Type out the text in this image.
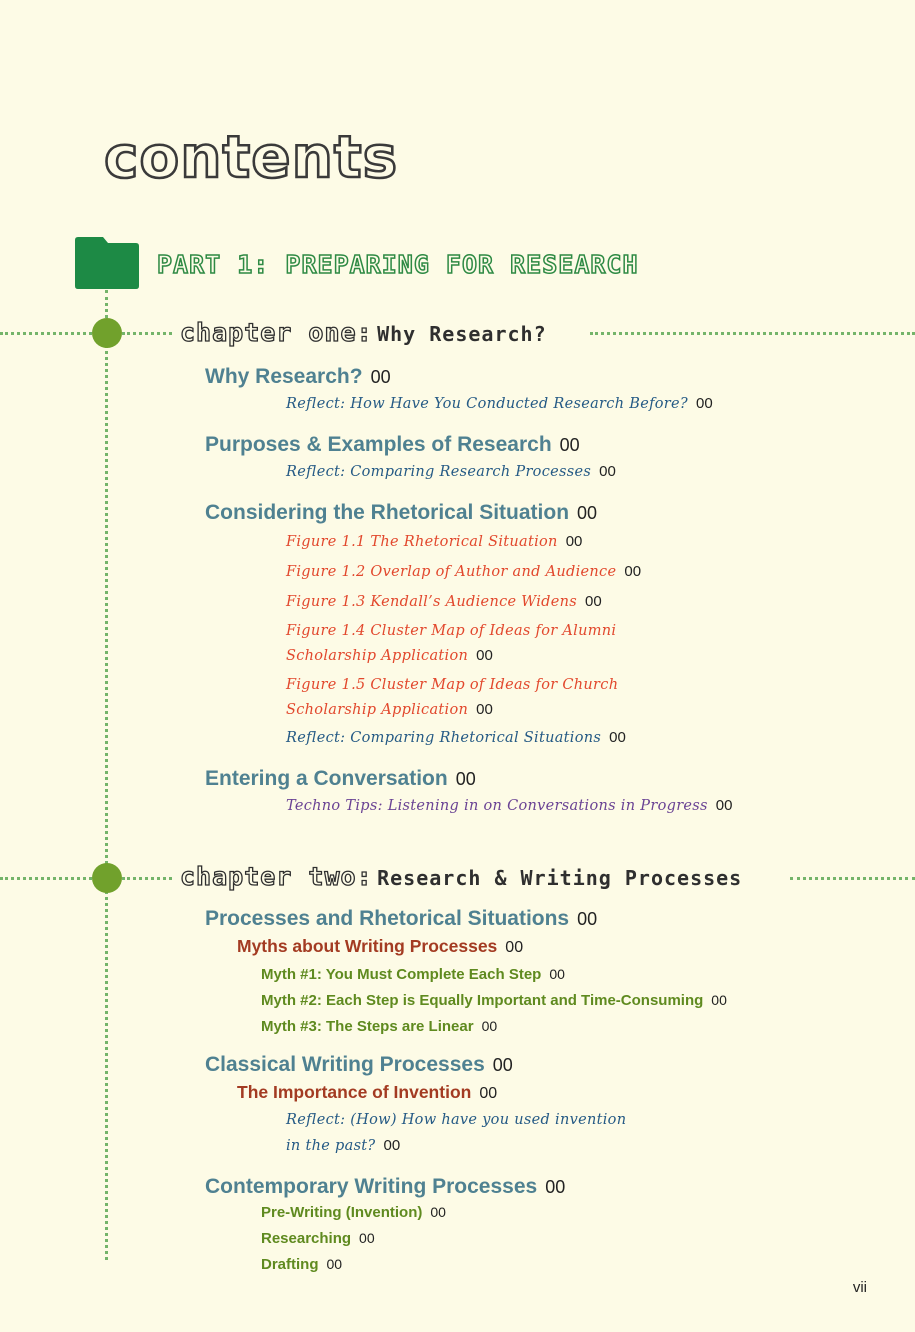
contents
PART 1: PREPARING FOR RESEARCH
chapter one: Why Research?
Why Research? 00
Reflect: How Have You Conducted Research Before? 00
Purposes & Examples of Research 00
Reflect: Comparing Research Processes 00
Considering the Rhetorical Situation 00
Figure 1.1 The Rhetorical Situation 00
Figure 1.2 Overlap of Author and Audience 00
Figure 1.3 Kendall’s Audience Widens 00
Figure 1.4 Cluster Map of Ideas for Alumni
Scholarship Application 00
Figure 1.5 Cluster Map of Ideas for Church
Scholarship Application 00
Reflect: Comparing Rhetorical Situations 00
Entering a Conversation 00
Techno Tips: Listening in on Conversations in Progress 00
chapter two: Research & Writing Processes
Processes and Rhetorical Situations 00
Myths about Writing Processes 00
Myth #1: You Must Complete Each Step 00
Myth #2: Each Step is Equally Important and Time-Consuming 00
Myth #3: The Steps are Linear 00
Classical Writing Processes 00
The Importance of Invention 00
Reflect: (How) How have you used invention
in the past? 00
Contemporary Writing Processes 00
Pre-Writing (Invention) 00
Researching 00
Drafting 00
vii
